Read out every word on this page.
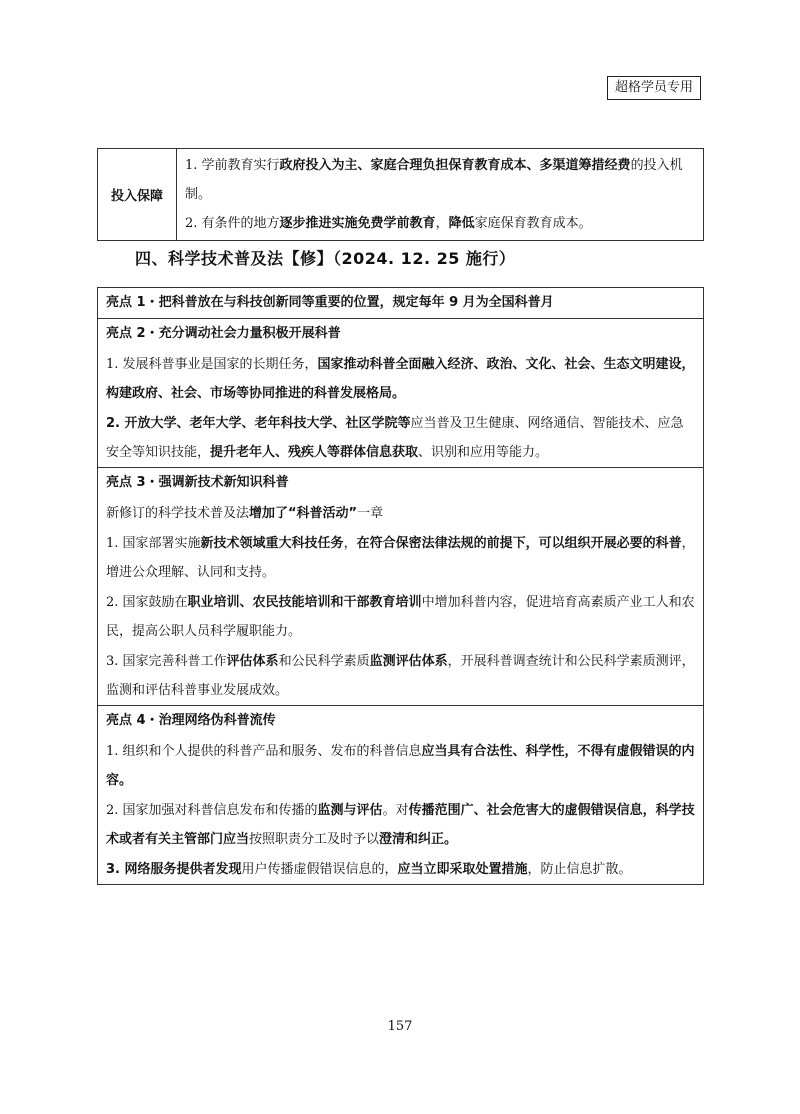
超格学员专用
投入保障	
1. 学前教育实行政府投入为主、家庭合理负担保育教育成本、多渠道筹措经费的投入机制。
2. 有条件的地方逐步推进实施免费学前教育，降低家庭保育教育成本。
四、科学技术普及法【修】（2024. 12. 25 施行）
亮点 1・把科普放在与科技创新同等重要的位置，规定每年 9 月为全国科普月
亮点 2・充分调动社会力量积极开展科普
1. 发展科普事业是国家的长期任务，国家推动科普全面融入经济、政治、文化、社会、生态文明建设，构建政府、社会、市场等协同推进的科普发展格局。
2. 开放大学、老年大学、老年科技大学、社区学院等应当普及卫生健康、网络通信、智能技术、应急安全等知识技能，提升老年人、残疾人等群体信息获取、识别和应用等能力。
亮点 3・强调新技术新知识科普
新修订的科学技术普及法增加了“科普活动”一章
1. 国家部署实施新技术领域重大科技任务，在符合保密法律法规的前提下，可以组织开展必要的科普，增进公众理解、认同和支持。
2. 国家鼓励在职业培训、农民技能培训和干部教育培训中增加科普内容，促进培育高素质产业工人和农民，提高公职人员科学履职能力。
3. 国家完善科普工作评估体系和公民科学素质监测评估体系，开展科普调查统计和公民科学素质测评，监测和评估科普事业发展成效。
亮点 4・治理网络伪科普流传
1. 组织和个人提供的科普产品和服务、发布的科普信息应当具有合法性、科学性，不得有虚假错误的内容。
2. 国家加强对科普信息发布和传播的监测与评估。对传播范围广、社会危害大的虚假错误信息，科学技术或者有关主管部门应当按照职责分工及时予以澄清和纠正。
3. 网络服务提供者发现用户传播虚假错误信息的，应当立即采取处置措施，防止信息扩散。
157
